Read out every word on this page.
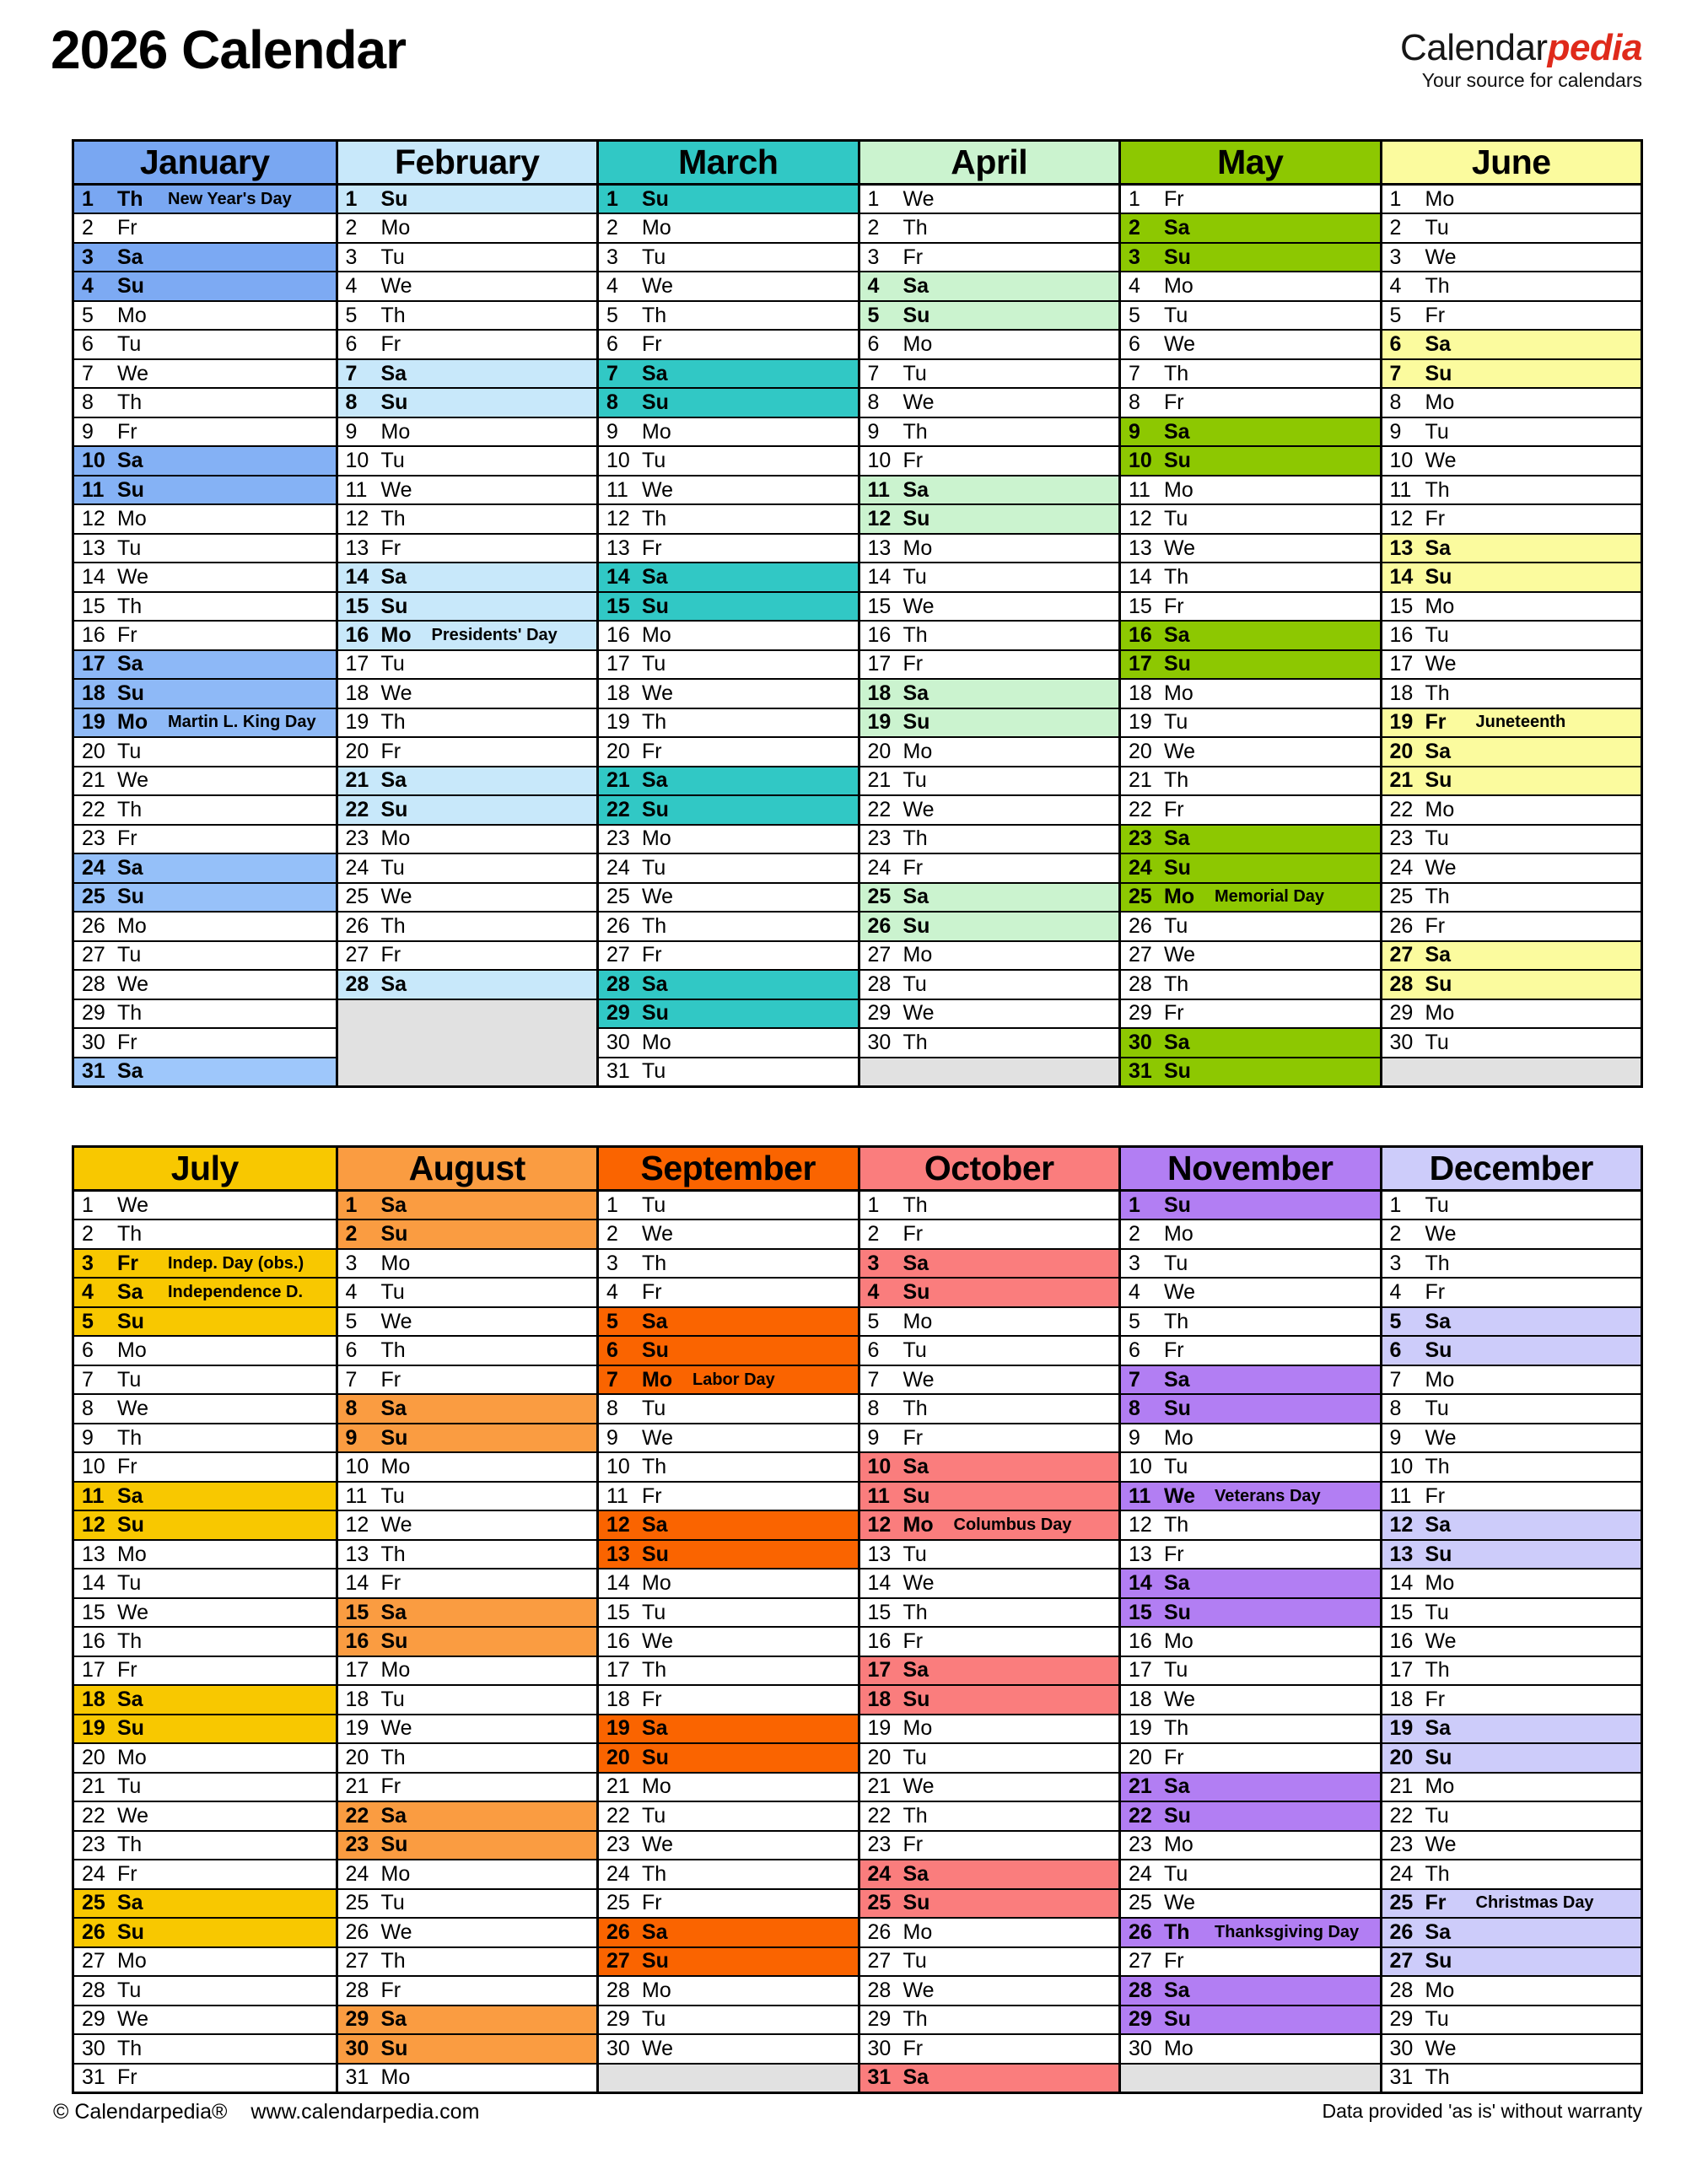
2026 Calendar	Calendarpedia
Your source for calendars
January
1	Th	New Year's Day
2	Fr
3	Sa
4	Su
5	Mo
6	Tu
7	We
8	Th
9	Fr
10 Sa
11 Su
12 Mo
13 Tu
14 We
15 Th
16 Fr
17 Sa
18 Su
19 Mo	Martin L. King Day
20 Tu
21 We
22 Th
23 Fr
24 Sa
25 Su
26 Mo
27 Tu
28 We
29 Th
30 Fr
31 Sa
February
1	Su
2	Mo
3	Tu
4	We
5	Th
6	Fr
7	Sa
8	Su
9	Mo
10 Tu
11 We
12 Th
13 Fr
14 Sa
15 Su
16 Mo	Presidents' Day
17 Tu
18 We
19 Th
20 Fr
21 Sa
22 Su
23 Mo
24 Tu
25 We
26 Th
27 Fr
28 Sa
March
1	Su
2	Mo
3	Tu
4	We
5	Th
6	Fr
7	Sa
8	Su
9	Mo
10 Tu
11 We
12 Th
13 Fr
14 Sa
15 Su
16 Mo
17 Tu
18 We
19 Th
20 Fr
21 Sa
22 Su
23 Mo
24 Tu
25 We
26 Th
27 Fr
28 Sa
29 Su
30 Mo
31 Tu
April
1	We
2	Th
3	Fr
4	Sa
5	Su
6	Mo
7	Tu
8	We
9	Th
10 Fr
11 Sa
12 Su
13 Mo
14 Tu
15 We
16 Th
17 Fr
18 Sa
19 Su
20 Mo
21 Tu
22 We
23 Th
24 Fr
25 Sa
26 Su
27 Mo
28 Tu
29 We
30 Th
May
1	Fr
2	Sa
3	Su
4	Mo
5	Tu
6	We
7	Th
8	Fr
9	Sa
10 Su
11 Mo
12 Tu
13 We
14 Th
15 Fr
16 Sa
17 Su
18 Mo
19 Tu
20 We
21 Th
22 Fr
23 Sa
24 Su
25 Mo	Memorial Day
26 Tu
27 We
28 Th
29 Fr
30 Sa
31 Su
June
1	Mo
2	Tu
3	We
4	Th
5	Fr
6	Sa
7	Su
8	Mo
9	Tu
10 We
11 Th
12 Fr
13 Sa
14 Su
15 Mo
16 Tu
17 We
18 Th
19 Fr	Juneteenth
20 Sa
21 Su
22 Mo
23 Tu
24 We
25 Th
26 Fr
27 Sa
28 Su
29 Mo
30 Tu
July
1	We
2	Th
3	Fr	Indep. Day (obs.)
4	Sa	Independence D.
5	Su
6	Mo
7	Tu
8	We
9	Th
10 Fr
11 Sa
12 Su
13 Mo
14 Tu
15 We
16 Th
17 Fr
18 Sa
19 Su
20 Mo
21 Tu
22 We
23 Th
24 Fr
25 Sa
26 Su
27 Mo
28 Tu
29 We
30 Th
31 Fr
August
1	Sa
2	Su
3	Mo
4	Tu
5	We
6	Th
7	Fr
8	Sa
9	Su
10 Mo
11 Tu
12 We
13 Th
14 Fr
15 Sa
16 Su
17 Mo
18 Tu
19 We
20 Th
21 Fr
22 Sa
23 Su
24 Mo
25 Tu
26 We
27 Th
28 Fr
29 Sa
30 Su
31 Mo
September
1	Tu
2	We
3	Th
4	Fr
5	Sa
6	Su
7	Mo	Labor Day
8	Tu
9	We
10 Th
11 Fr
12 Sa
13 Su
14 Mo
15 Tu
16 We
17 Th
18 Fr
19 Sa
20 Su
21 Mo
22 Tu
23 We
24 Th
25 Fr
26 Sa
27 Su
28 Mo
29 Tu
30 We
October
1	Th
2	Fr
3	Sa
4	Su
5	Mo
6	Tu
7	We
8	Th
9	Fr
10 Sa
11 Su
12 Mo	Columbus Day
13 Tu
14 We
15 Th
16 Fr
17 Sa
18 Su
19 Mo
20 Tu
21 We
22 Th
23 Fr
24 Sa
25 Su
26 Mo
27 Tu
28 We
29 Th
30 Fr
31 Sa
November
1	Su
2	Mo
3	Tu
4	We
5	Th
6	Fr
7	Sa
8	Su
9	Mo
10 Tu
11 We	Veterans Day
12 Th
13 Fr
14 Sa
15 Su
16 Mo
17 Tu
18 We
19 Th
20 Fr
21 Sa
22 Su
23 Mo
24 Tu
25 We
26 Th	Thanksgiving Day
27 Fr
28 Sa
29 Su
30 Mo
December
1	Tu
2	We
3	Th
4	Fr
5	Sa
6	Su
7	Mo
8	Tu
9	We
10 Th
11 Fr
12 Sa
13 Su
14 Mo
15 Tu
16 We
17 Th
18 Fr
19 Sa
20 Su
21 Mo
22 Tu
23 We
24 Th
25 Fr	Christmas Day
26 Sa
27 Su
28 Mo
29 Tu
30 We
31 Th
© Calendarpedia® www.calendarpedia.com	Data provided 'as is' without warranty
